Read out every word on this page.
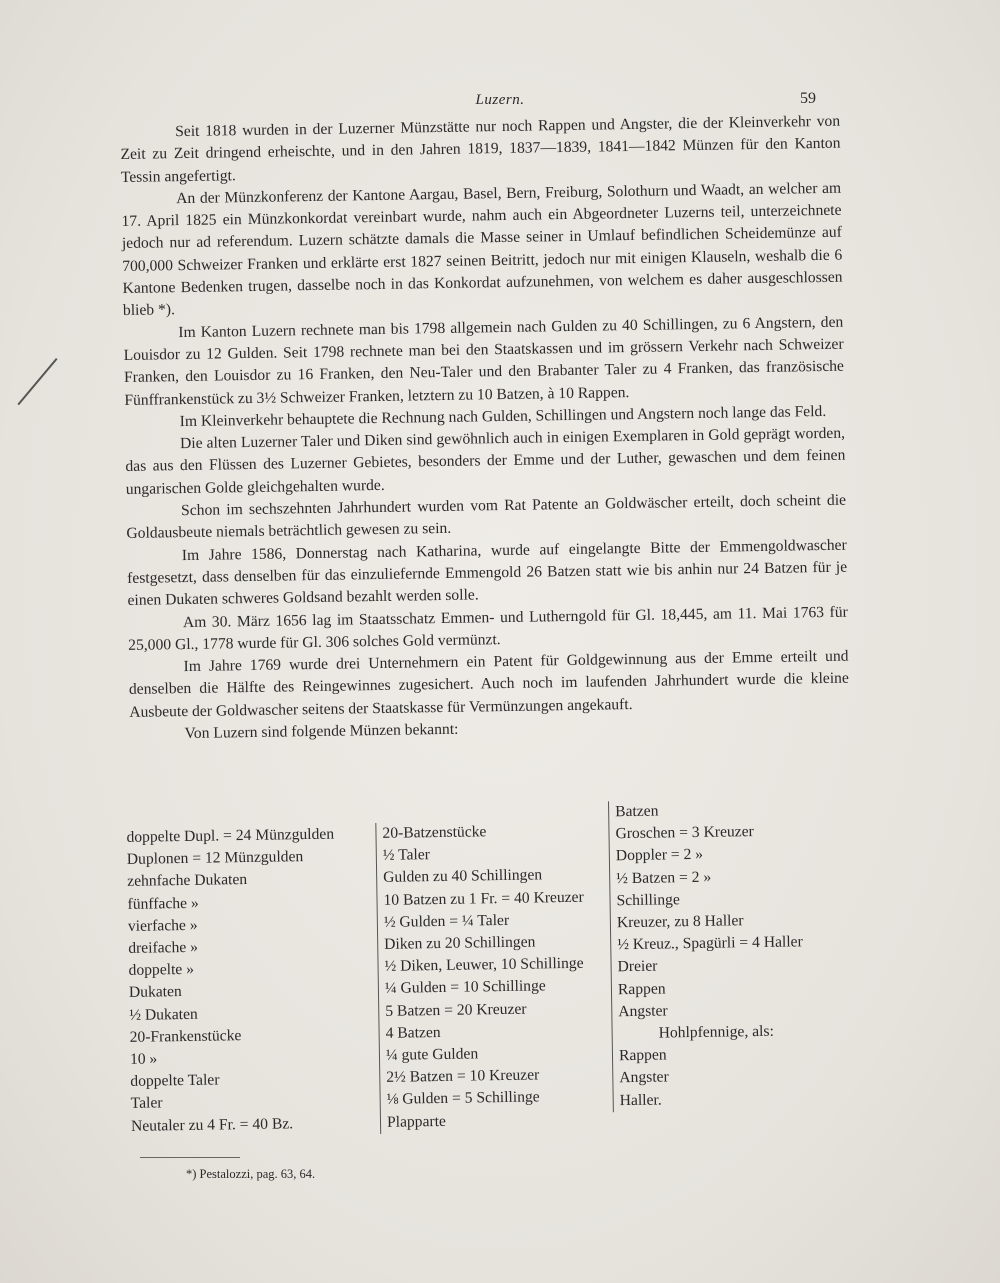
Luzern.	59

Seit 1818 wurden in der Luzerner Münzstätte nur noch Rappen und Angster, die der Kleinverkehr von Zeit zu Zeit dringend erheischte, und in den Jahren 1819, 1837—1839, 1841—1842 Münzen für den Kanton Tessin angefertigt.

An der Münzkonferenz der Kantone Aargau, Basel, Bern, Freiburg, Solothurn und Waadt, an welcher am 17. April 1825 ein Münzkonkordat vereinbart wurde, nahm auch ein Abgeordneter Luzerns teil, unterzeichnete jedoch nur ad referendum. Luzern schätzte damals die Masse seiner in Umlauf befindlichen Scheidemünze auf 700,000 Schweizer Franken und erklärte erst 1827 seinen Beitritt, jedoch nur mit einigen Klauseln, weshalb die 6 Kantone Bedenken trugen, dasselbe noch in das Konkordat aufzunehmen, von welchem es daher ausgeschlossen blieb *).

Im Kanton Luzern rechnete man bis 1798 allgemein nach Gulden zu 40 Schillingen, zu 6 Angstern, den Louisdor zu 12 Gulden. Seit 1798 rechnete man bei den Staatskassen und im grössern Verkehr nach Schweizer Franken, den Louisdor zu 16 Franken, den Neu-Taler und den Brabanter Taler zu 4 Franken, das französische Fünffrankenstück zu 3½ Schweizer Franken, letztern zu 10 Batzen, à 10 Rappen.

Im Kleinverkehr behauptete die Rechnung nach Gulden, Schillingen und Angstern noch lange das Feld.

Die alten Luzerner Taler und Diken sind gewöhnlich auch in einigen Exemplaren in Gold geprägt worden, das aus den Flüssen des Luzerner Gebietes, besonders der Emme und der Luther, gewaschen und dem feinen ungarischen Golde gleichgehalten wurde.

Schon im sechszehnten Jahrhundert wurden vom Rat Patente an Goldwäscher erteilt, doch scheint die Goldausbeute niemals beträchtlich gewesen zu sein.

Im Jahre 1586, Donnerstag nach Katharina, wurde auf eingelangte Bitte der Emmengoldwascher festgesetzt, dass denselben für das einzuliefernde Emmengold 26 Batzen statt wie bis anhin nur 24 Batzen für je einen Dukaten schweres Goldsand bezahlt werden solle.

Am 30. März 1656 lag im Staatsschatz Emmen- und Lutherngold für Gl. 18,445, am 11. Mai 1763 für 25,000 Gl., 1778 wurde für Gl. 306 solches Gold vermünzt.

Im Jahre 1769 wurde drei Unternehmern ein Patent für Goldgewinnung aus der Emme erteilt und denselben die Hälfte des Reingewinnes zugesichert. Auch noch im laufenden Jahrhundert wurde die kleine Ausbeute der Goldwascher seitens der Staatskasse für Vermünzungen angekauft.

Von Luzern sind folgende Münzen bekannt:

doppelte Dupl. = 24 Münzgulden
Duplonen = 12 Münzgulden
zehnfache Dukaten
fünffache »
vierfache »
dreifache »
doppelte »
Dukaten
½ Dukaten
20-Frankenstücke
10 »
doppelte Taler
Taler
Neutaler zu 4 Fr. = 40 Bz.
20-Batzenstücke
½ Taler
Gulden zu 40 Schillingen
10 Batzen zu 1 Fr. = 40 Kreuzer
½ Gulden = ¼ Taler
Diken zu 20 Schillingen
½ Diken, Leuwer, 10 Schillinge
¼ Gulden = 10 Schillinge
5 Batzen = 20 Kreuzer
4 Batzen
¼ gute Gulden
2½ Batzen = 10 Kreuzer
⅛ Gulden = 5 Schillinge
Plapparte
Batzen
Groschen = 3 Kreuzer
Doppler = 2 »
½ Batzen = 2 »
Schillinge
Kreuzer, zu 8 Haller
½ Kreuz., Spagürli = 4 Haller
Dreier
Rappen
Angster
Hohlpfennige, als:
Rappen
Angster
Haller.
*) Pestalozzi, pag. 63, 64.
